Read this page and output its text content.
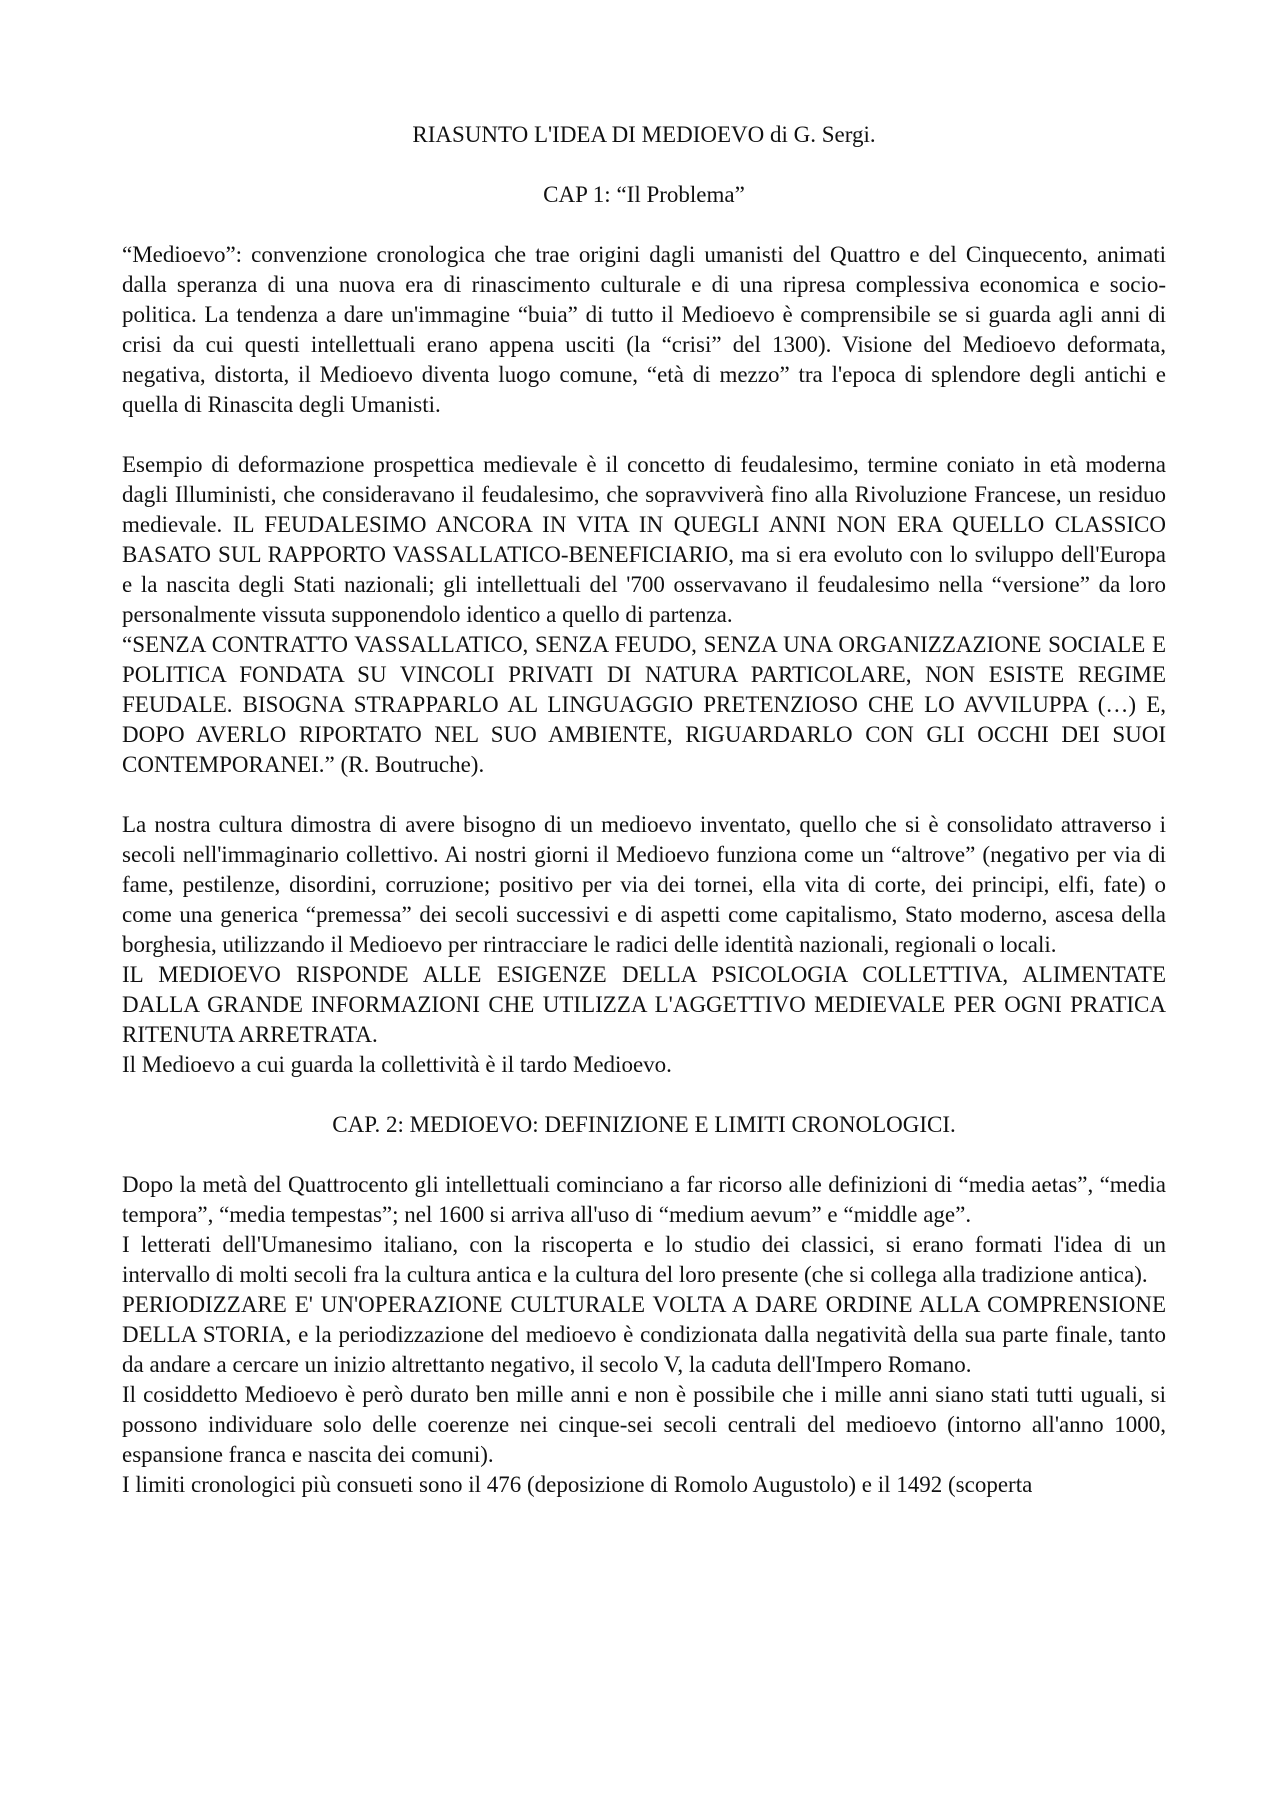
RIASUNTO L'IDEA DI MEDIOEVO di G. Sergi.

CAP 1: “Il Problema”

“Medioevo”: convenzione cronologica che trae origini dagli umanisti del Quattro e del Cinquecento, animati dalla speranza di una nuova era di rinascimento culturale e di una ripresa complessiva economica e socio-politica. La tendenza a dare un'immagine “buia” di tutto il Medioevo è comprensibile se si guarda agli anni di crisi da cui questi intellettuali erano appena usciti (la “crisi” del 1300). Visione del Medioevo deformata, negativa, distorta, il Medioevo diventa luogo comune, “età di mezzo” tra l'epoca di splendore degli antichi e quella di Rinascita degli Umanisti.

Esempio di deformazione prospettica medievale è il concetto di feudalesimo, termine coniato in età moderna dagli Illuministi, che consideravano il feudalesimo, che sopravviverà fino alla Rivoluzione Francese, un residuo medievale. IL FEUDALESIMO ANCORA IN VITA IN QUEGLI ANNI NON ERA QUELLO CLASSICO BASATO SUL RAPPORTO VASSALLATICO-BENEFICIARIO, ma si era evoluto con lo sviluppo dell'Europa e la nascita degli Stati nazionali; gli intellettuali del '700 osservavano il feudalesimo nella “versione” da loro personalmente vissuta supponendolo identico a quello di partenza.

“SENZA CONTRATTO VASSALLATICO, SENZA FEUDO, SENZA UNA ORGANIZZAZIONE SOCIALE E POLITICA FONDATA SU VINCOLI PRIVATI DI NATURA PARTICOLARE, NON ESISTE REGIME FEUDALE. BISOGNA STRAPPARLO AL LINGUAGGIO PRETENZIOSO CHE LO AVVILUPPA (…) E, DOPO AVERLO RIPORTATO NEL SUO AMBIENTE, RIGUARDARLO CON GLI OCCHI DEI SUOI CONTEMPORANEI.” (R. Boutruche).

La nostra cultura dimostra di avere bisogno di un medioevo inventato, quello che si è consolidato attraverso i secoli nell'immaginario collettivo. Ai nostri giorni il Medioevo funziona come un “altrove” (negativo per via di fame, pestilenze, disordini, corruzione; positivo per via dei tornei, ella vita di corte, dei principi, elfi, fate) o come una generica “premessa” dei secoli successivi e di aspetti come capitalismo, Stato moderno, ascesa della borghesia, utilizzando il Medioevo per rintracciare le radici delle identità nazionali, regionali o locali.

IL MEDIOEVO RISPONDE ALLE ESIGENZE DELLA PSICOLOGIA COLLETTIVA, ALIMENTATE DALLA GRANDE INFORMAZIONI CHE UTILIZZA L'AGGETTIVO MEDIEVALE PER OGNI PRATICA RITENUTA ARRETRATA.

Il Medioevo a cui guarda la collettività è il tardo Medioevo.

CAP. 2: MEDIOEVO: DEFINIZIONE E LIMITI CRONOLOGICI.

Dopo la metà del Quattrocento gli intellettuali cominciano a far ricorso alle definizioni di “media aetas”, “media tempora”, “media tempestas”; nel 1600 si arriva all'uso di “medium aevum” e “middle age”.

I letterati dell'Umanesimo italiano, con la riscoperta e lo studio dei classici, si erano formati l'idea di un intervallo di molti secoli fra la cultura antica e la cultura del loro presente (che si collega alla tradizione antica).

PERIODIZZARE E' UN'OPERAZIONE CULTURALE VOLTA A DARE ORDINE ALLA COMPRENSIONE DELLA STORIA, e la periodizzazione del medioevo è condizionata dalla negatività della sua parte finale, tanto da andare a cercare un inizio altrettanto negativo, il secolo V, la caduta dell'Impero Romano.

Il cosiddetto Medioevo è però durato ben mille anni e non è possibile che i mille anni siano stati tutti uguali, si possono individuare solo delle coerenze nei cinque-sei secoli centrali del medioevo (intorno all'anno 1000, espansione franca e nascita dei comuni).

I limiti cronologici più consueti sono il 476 (deposizione di Romolo Augustolo) e il 1492 (scoperta
